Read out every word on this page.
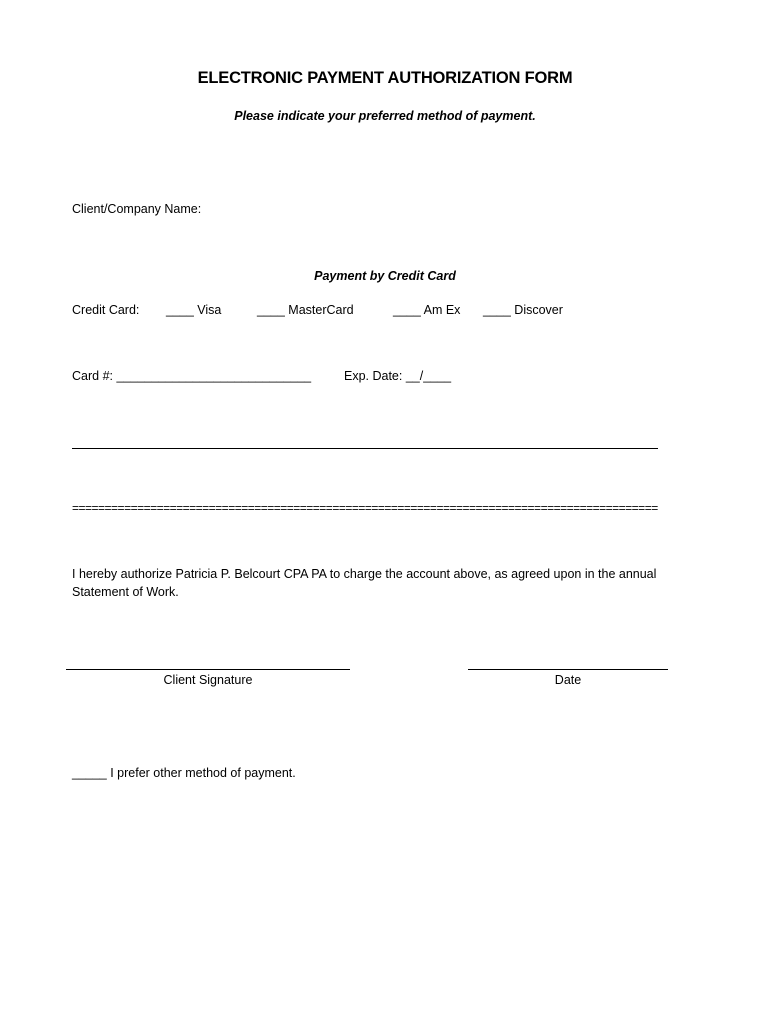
ELECTRONIC PAYMENT AUTHORIZATION FORM
Please indicate your preferred method of payment.
Client/Company Name:
Payment by Credit Card
Credit Card: ____ Visa	____ MasterCard	____ Am Ex ____ Discover
Card #: ____________________________	Exp. Date: __/____
==========================================================================================
I hereby authorize Patricia P. Belcourt CPA PA to charge the account above, as agreed upon in the annual Statement of Work.
Client Signature	Date
_____ I prefer other method of payment.
